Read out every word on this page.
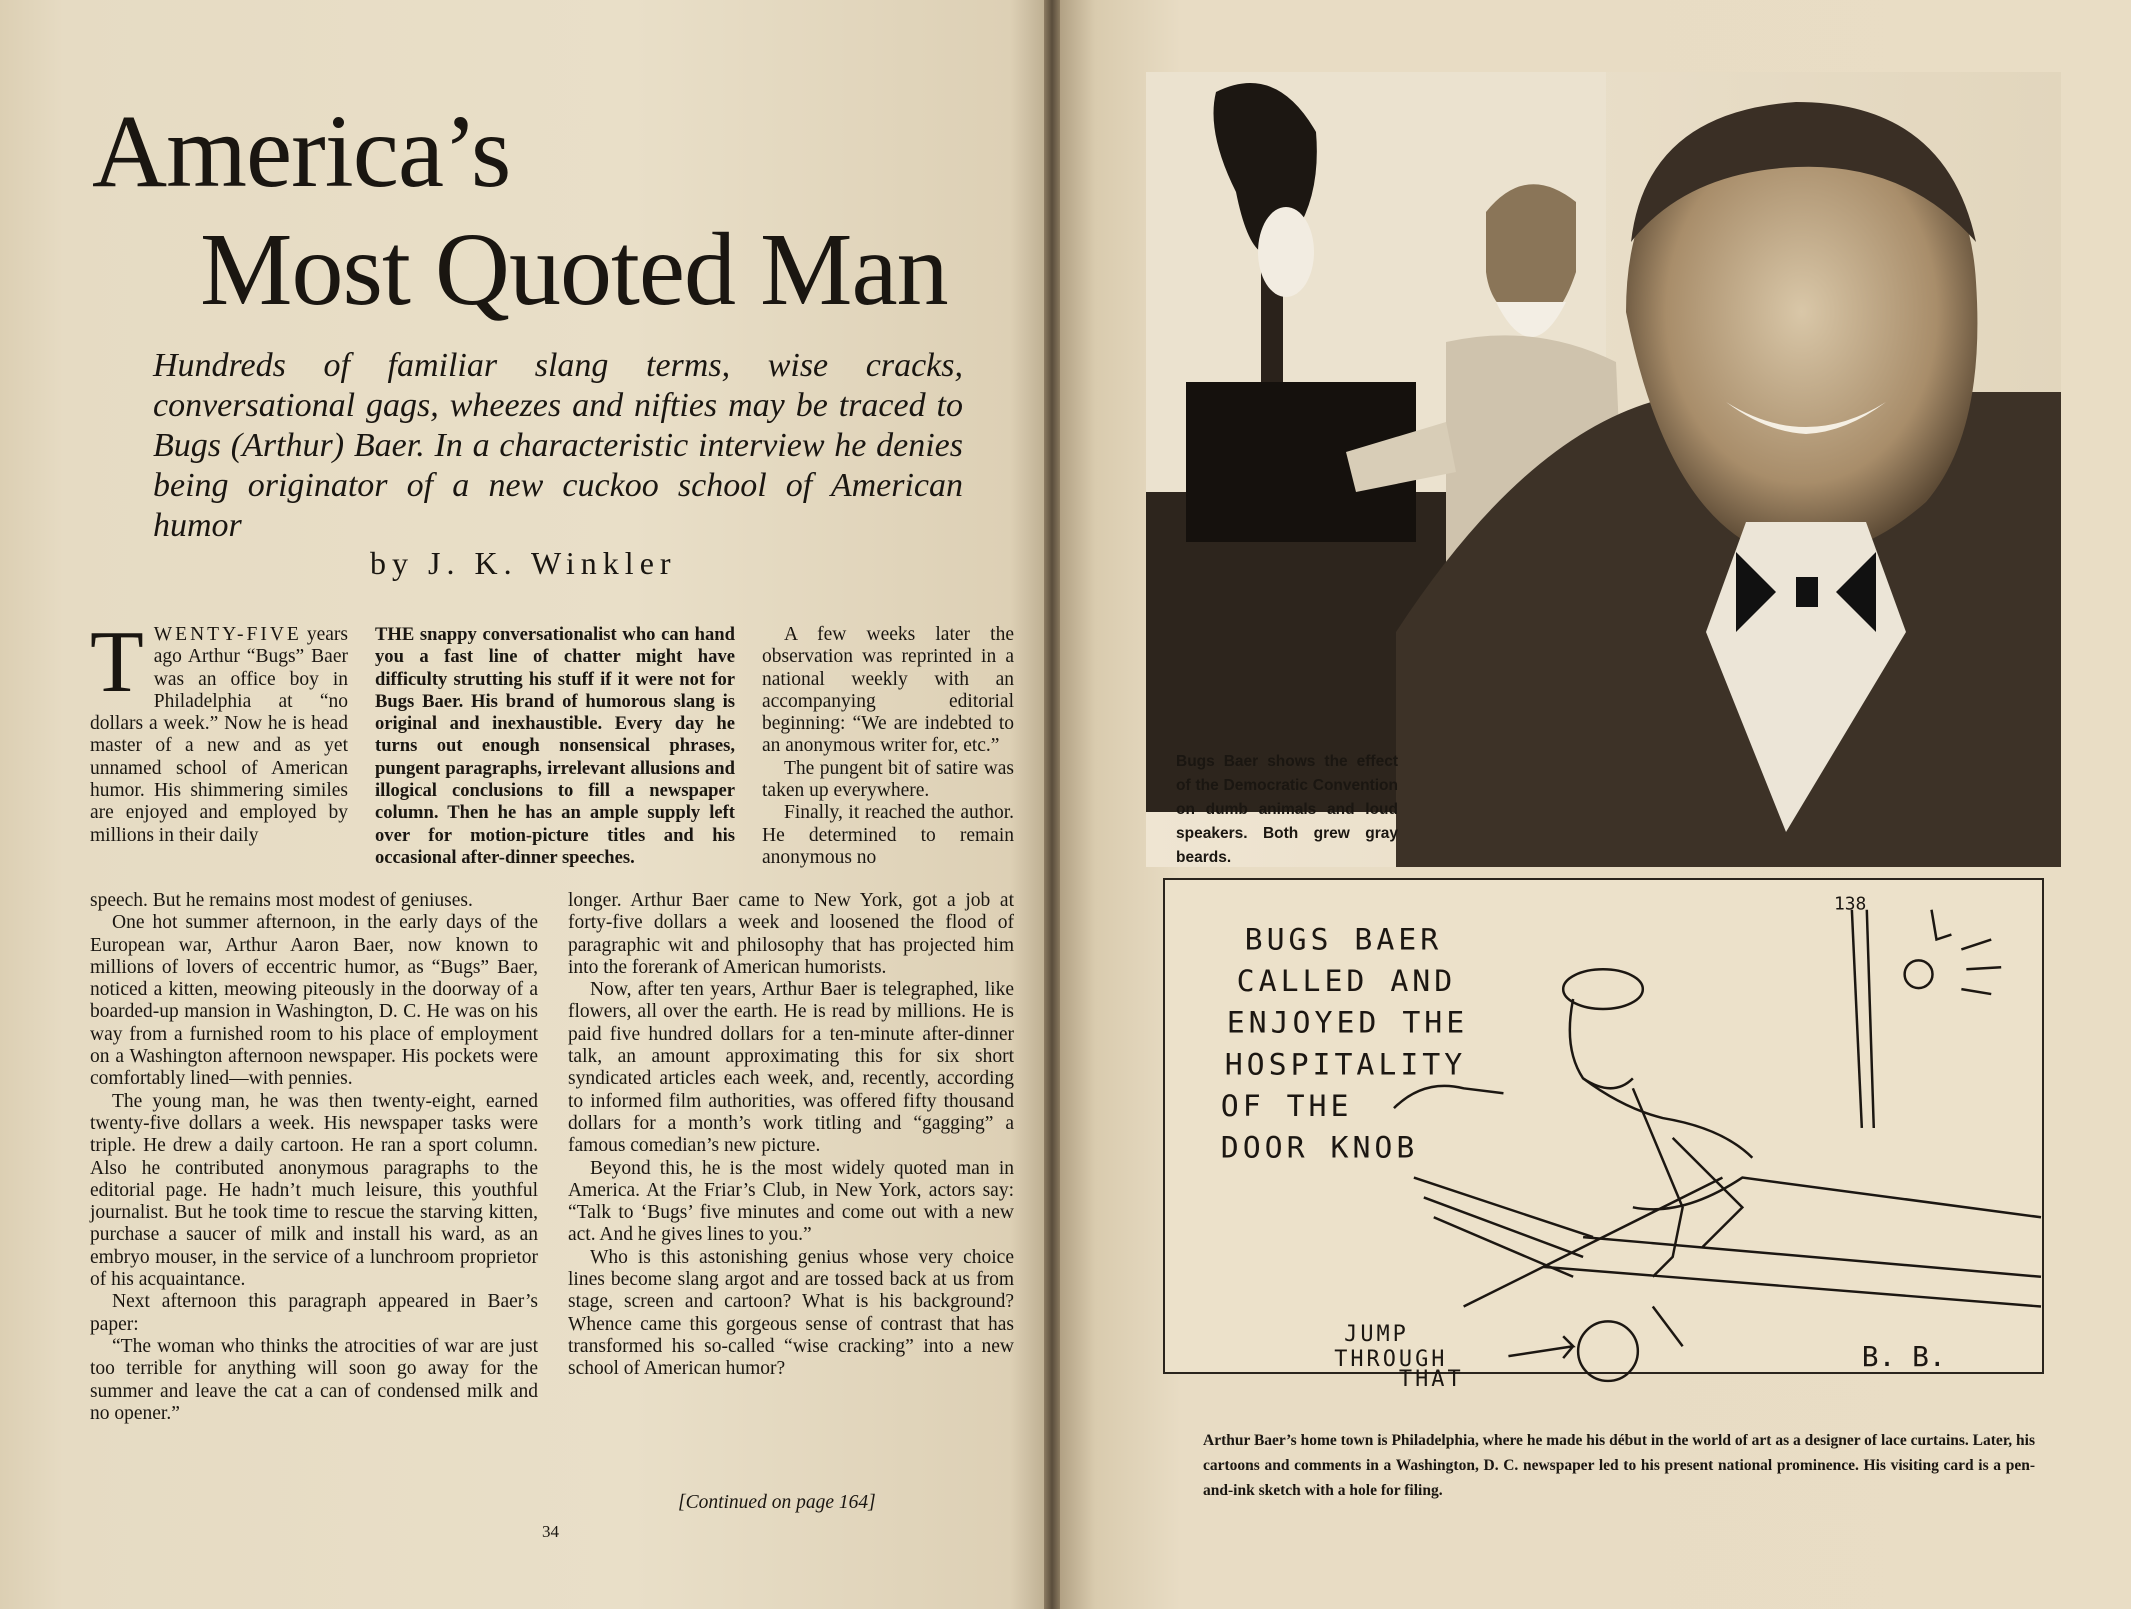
America’s
Most Quoted Man
Hundreds of familiar slang terms, wise cracks, conversational gags, wheezes and nifties may be traced to Bugs (Arthur) Baer. In a characteristic interview he denies being originator of a new cuckoo school of American humor
by J. K. Winkler
T WENTY-FIVE years ago Arthur “Bugs” Baer was an office boy in Philadelphia at “no dollars a week.” Now he is head master of a new and as yet unnamed school of American humor. His shimmering similes are enjoyed and employed by millions in their daily
THE snappy conversationalist who can hand you a fast line of chatter might have difficulty strutting his stuff if it were not for Bugs Baer. His brand of humorous slang is original and inexhaustible. Every day he turns out enough nonsensical phrases, pungent paragraphs, irrelevant allusions and illogical conclusions to fill a newspaper column. Then he has an ample supply left over for motion-picture titles and his occasional after-dinner speeches.

A few weeks later the observation was reprinted in a national weekly with an accompanying editorial beginning: “We are indebted to an anonymous writer for, etc.”

The pungent bit of satire was taken up everywhere.

Finally, it reached the author. He determined to remain anonymous no

speech. But he remains most modest of geniuses.

One hot summer afternoon, in the early days of the European war, Arthur Aaron Baer, now known to millions of lovers of eccentric humor, as “Bugs” Baer, noticed a kitten, meowing piteously in the doorway of a boarded-up mansion in Washington, D. C. He was on his way from a furnished room to his place of employment on a Washington afternoon newspaper. His pockets were comfortably lined—with pennies.

The young man, he was then twenty-eight, earned twenty-five dollars a week. His newspaper tasks were triple. He drew a daily cartoon. He ran a sport column. Also he contributed anonymous paragraphs to the editorial page. He hadn’t much leisure, this youthful journalist. But he took time to rescue the starving kitten, purchase a saucer of milk and install his ward, as an embryo mouser, in the service of a lunchroom proprietor of his acquaintance.

Next afternoon this paragraph appeared in Baer’s paper:

“The woman who thinks the atrocities of war are just too terrible for anything will soon go away for the summer and leave the cat a can of condensed milk and no opener.”

longer. Arthur Baer came to New York, got a job at forty-five dollars a week and loosened the flood of paragraphic wit and philosophy that has projected him into the forerank of American humorists.

Now, after ten years, Arthur Baer is telegraphed, like flowers, all over the earth. He is read by millions. He is paid five hundred dollars for a ten-minute after-dinner talk, an amount approximating this for six short syndicated articles each week, and, recently, according to informed film authorities, was offered fifty thousand dollars for a month’s work titling and “gagging” a famous comedian’s new picture.

Beyond this, he is the most widely quoted man in America. At the Friar’s Club, in New York, actors say: “Talk to ‘Bugs’ five minutes and come out with a new act. And he gives lines to you.”

Who is this astonishing genius whose very choice lines become slang argot and are tossed back at us from stage, screen and cartoon? What is his background? Whence came this gorgeous sense of contrast that has transformed his so-called “wise cracking” into a new school of American humor?

[Continued on page 164]
34
Bugs Baer shows the effect of the Democratic Convention on dumb animals and loud speakers. Both grew gray beards.
BUGS BAER
CALLED AND
ENJOYED THE
HOSPITALITY
OF THE
DOOR KNOB
JUMP
THROUGH
THAT
138
B. B.
Arthur Baer’s home town is Philadelphia, where he made his début in the world of art as a designer of lace curtains. Later, his cartoons and comments in a Washington, D. C. newspaper led to his present national prominence. His visiting card is a pen-and-ink sketch with a hole for filing.
